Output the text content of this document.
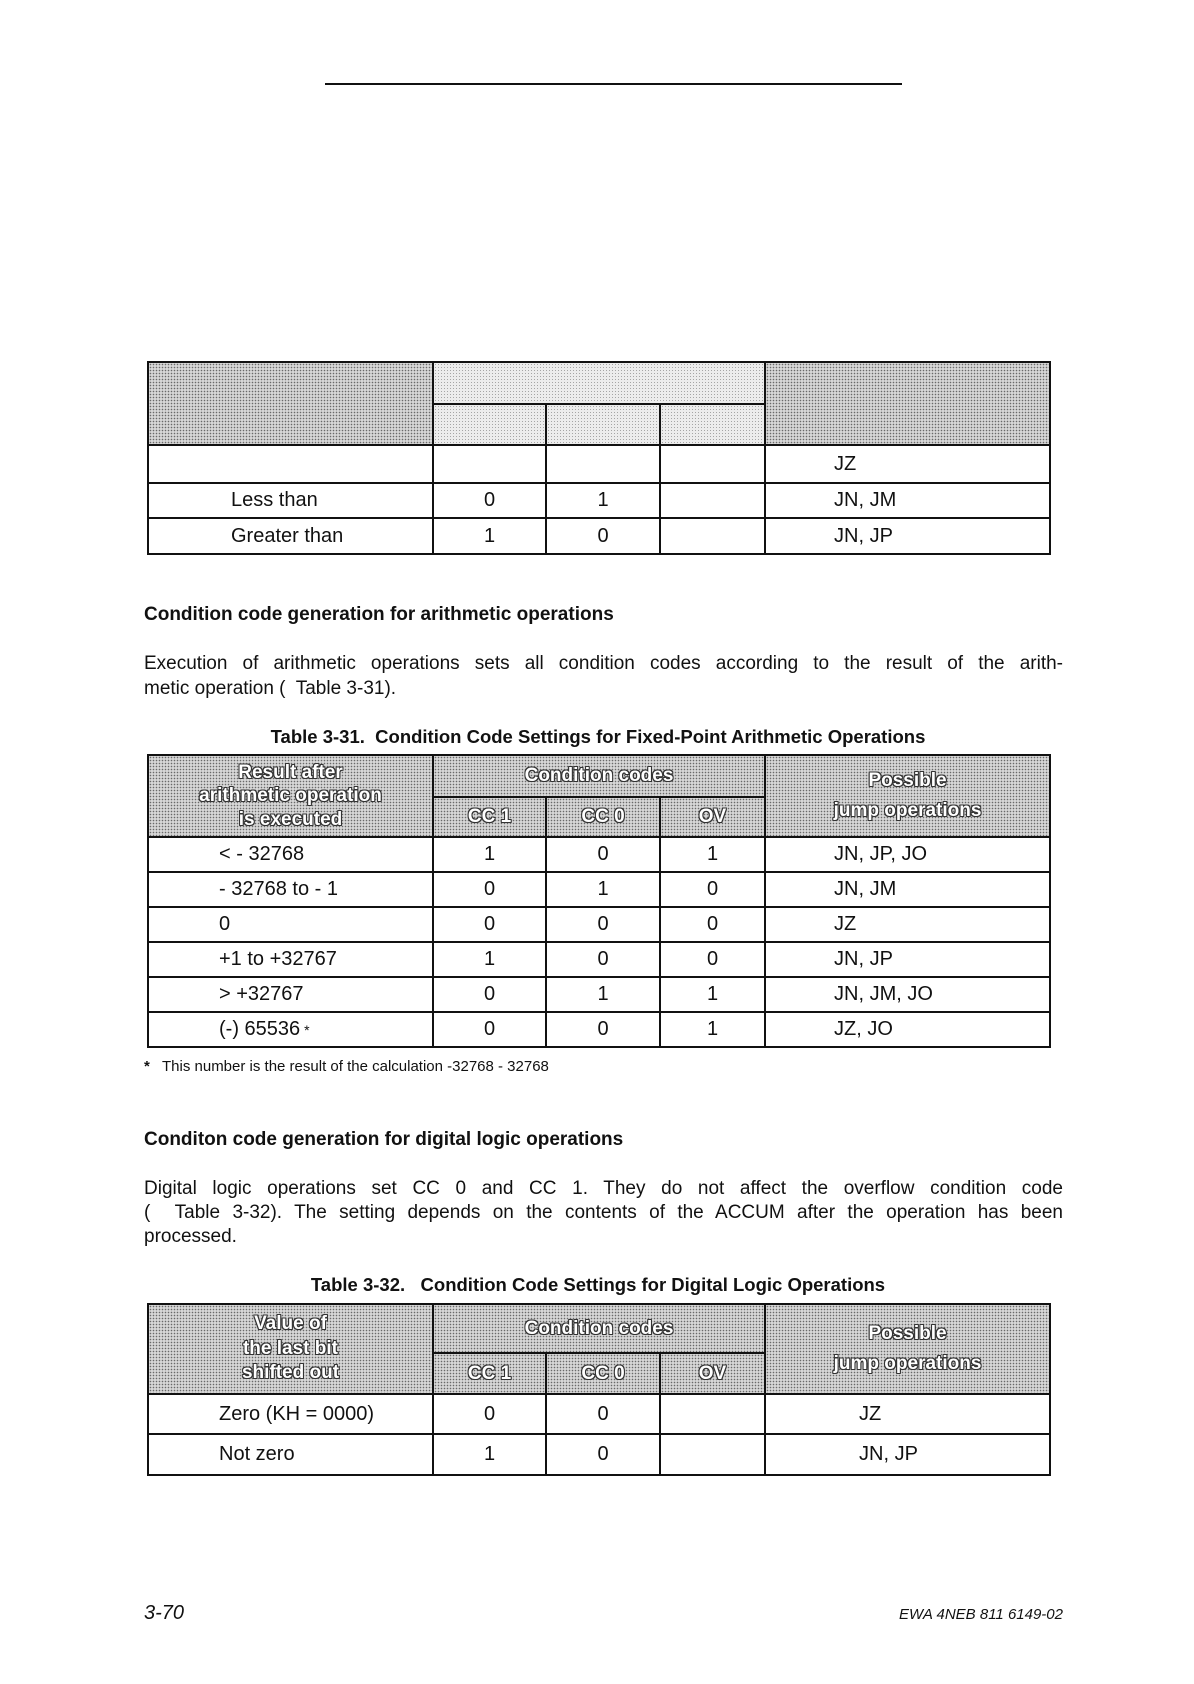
				JZ
Less than	0	1		JN, JM
Greater than	1	0		JN, JP
Condition code generation for arithmetic operations
Execution of arithmetic operations sets all condition codes according to the result of the arith-
metic operation (  Table 3-31).
Table 3-31.  Condition Code Settings for Fixed-Point Arithmetic Operations
Result after
arithmetic operation
is executed	Condition codes			Possible
jump operations

	CC 1	CC 0	OV	
< - 32768	1	0	1	JN, JP, JO
- 32768 to - 1	0	1	0	JN, JM
0	0	0	0	JZ
+1 to +32767	1	0	0	JN, JP
> +32767	0	1	1	JN, JM, JO
(-) 65536 *	0	0	1	JZ, JO
* This number is the result of the calculation -32768 - 32768
Conditon code generation for digital logic operations
Digital logic operations set CC 0 and CC 1. They do not affect the overflow condition code
(  Table 3-32). The setting depends on the contents of the ACCUM after the operation has been
processed.
Table 3-32.   Condition Code Settings for Digital Logic Operations
Value of
the last bit
shifted out	Condition codes			Possible
jump operations

	CC 1	CC 0	OV	
Zero (KH = 0000)	0	0		JZ
Not zero	1	0		JN, JP
3-70	EWA 4NEB 811 6149-02
